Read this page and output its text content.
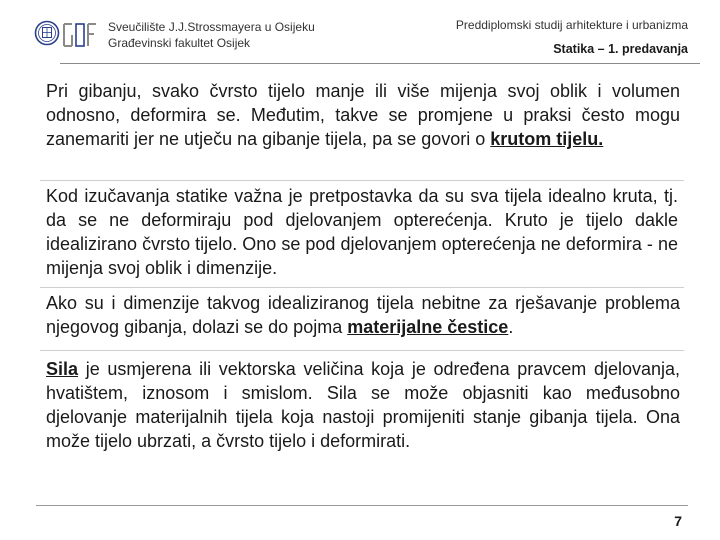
Sveučilište J.J.Strossmayera u Osijeku
Građevinski fakultet Osijek
Preddiplomski studij arhitekture i urbanizma
Statika – 1. predavanja
Pri gibanju, svako čvrsto tijelo manje ili više mijenja svoj oblik i volumen odnosno, deformira se. Međutim, takve se promjene u praksi često mogu zanemariti jer ne utječu na gibanje tijela, pa se govori o krutom tijelu.
Kod izučavanja statike važna je pretpostavka da su sva tijela idealno kruta, tj. da se ne deformiraju pod djelovanjem opterećenja. Kruto je tijelo dakle idealizirano čvrsto tijelo. Ono se pod djelovanjem opterećenja ne deformira - ne mijenja svoj oblik i dimenzije.
Ako su i dimenzije takvog idealiziranog tijela nebitne za rješavanje problema njegovog gibanja, dolazi se do pojma materijalne čestice.
Sila je usmjerena ili vektorska veličina koja je određena pravcem djelovanja, hvatištem, iznosom i smislom. Sila se može objasniti kao međusobno djelovanje materijalnih tijela koja nastoji promijeniti stanje gibanja tijela. Ona može tijelo ubrzati, a čvrsto tijelo i deformirati.
7
